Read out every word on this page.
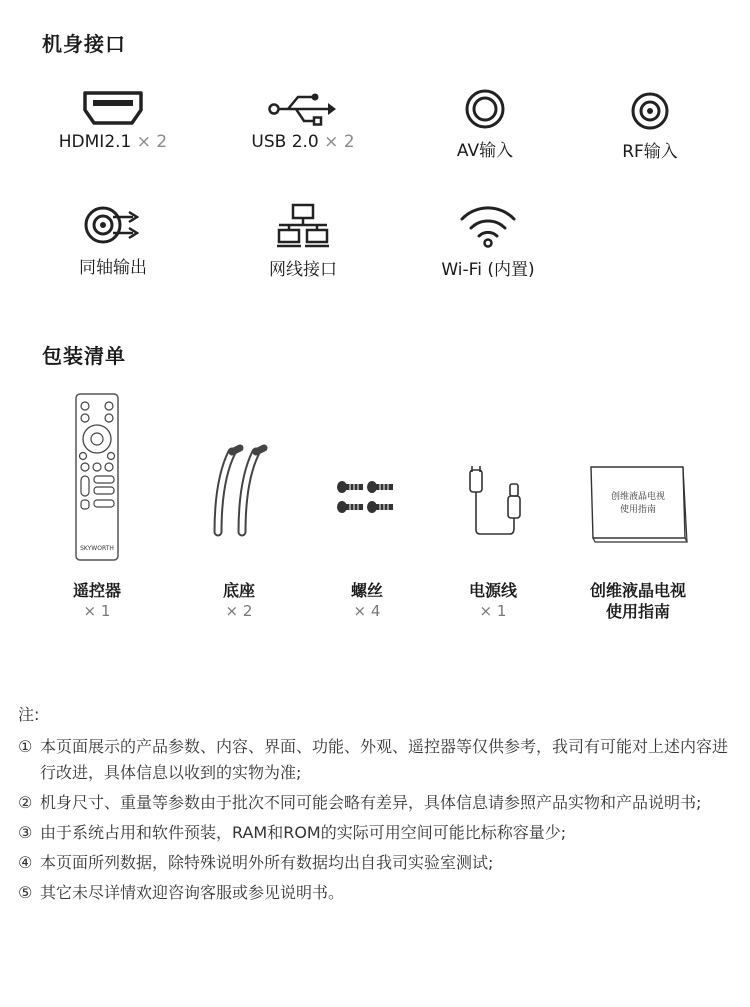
机身接口
HDMI2.1 × 2	USB 2.0 × 2	AV输入	RF输入
同轴输出	网线接口	Wi-Fi (内置)
包装清单
SKYWORTH
遥控器
× 1
底座
× 2
螺丝
× 4
电源线
× 1
创维液晶电视
使用指南
创维液晶电视
使用指南
注:
① 本页面展示的产品参数、内容、界面、功能、外观、遥控器等仅供参考，我司有可能对上述内容进行改进，具体信息以收到的实物为准;
② 机身尺寸、重量等参数由于批次不同可能会略有差异，具体信息请参照产品实物和产品说明书;
③ 由于系统占用和软件预装，RAM和ROM的实际可用空间可能比标称容量少;
④ 本页面所列数据，除特殊说明外所有数据均出自我司实验室测试;
⑤ 其它未尽详情欢迎咨询客服或参见说明书。
